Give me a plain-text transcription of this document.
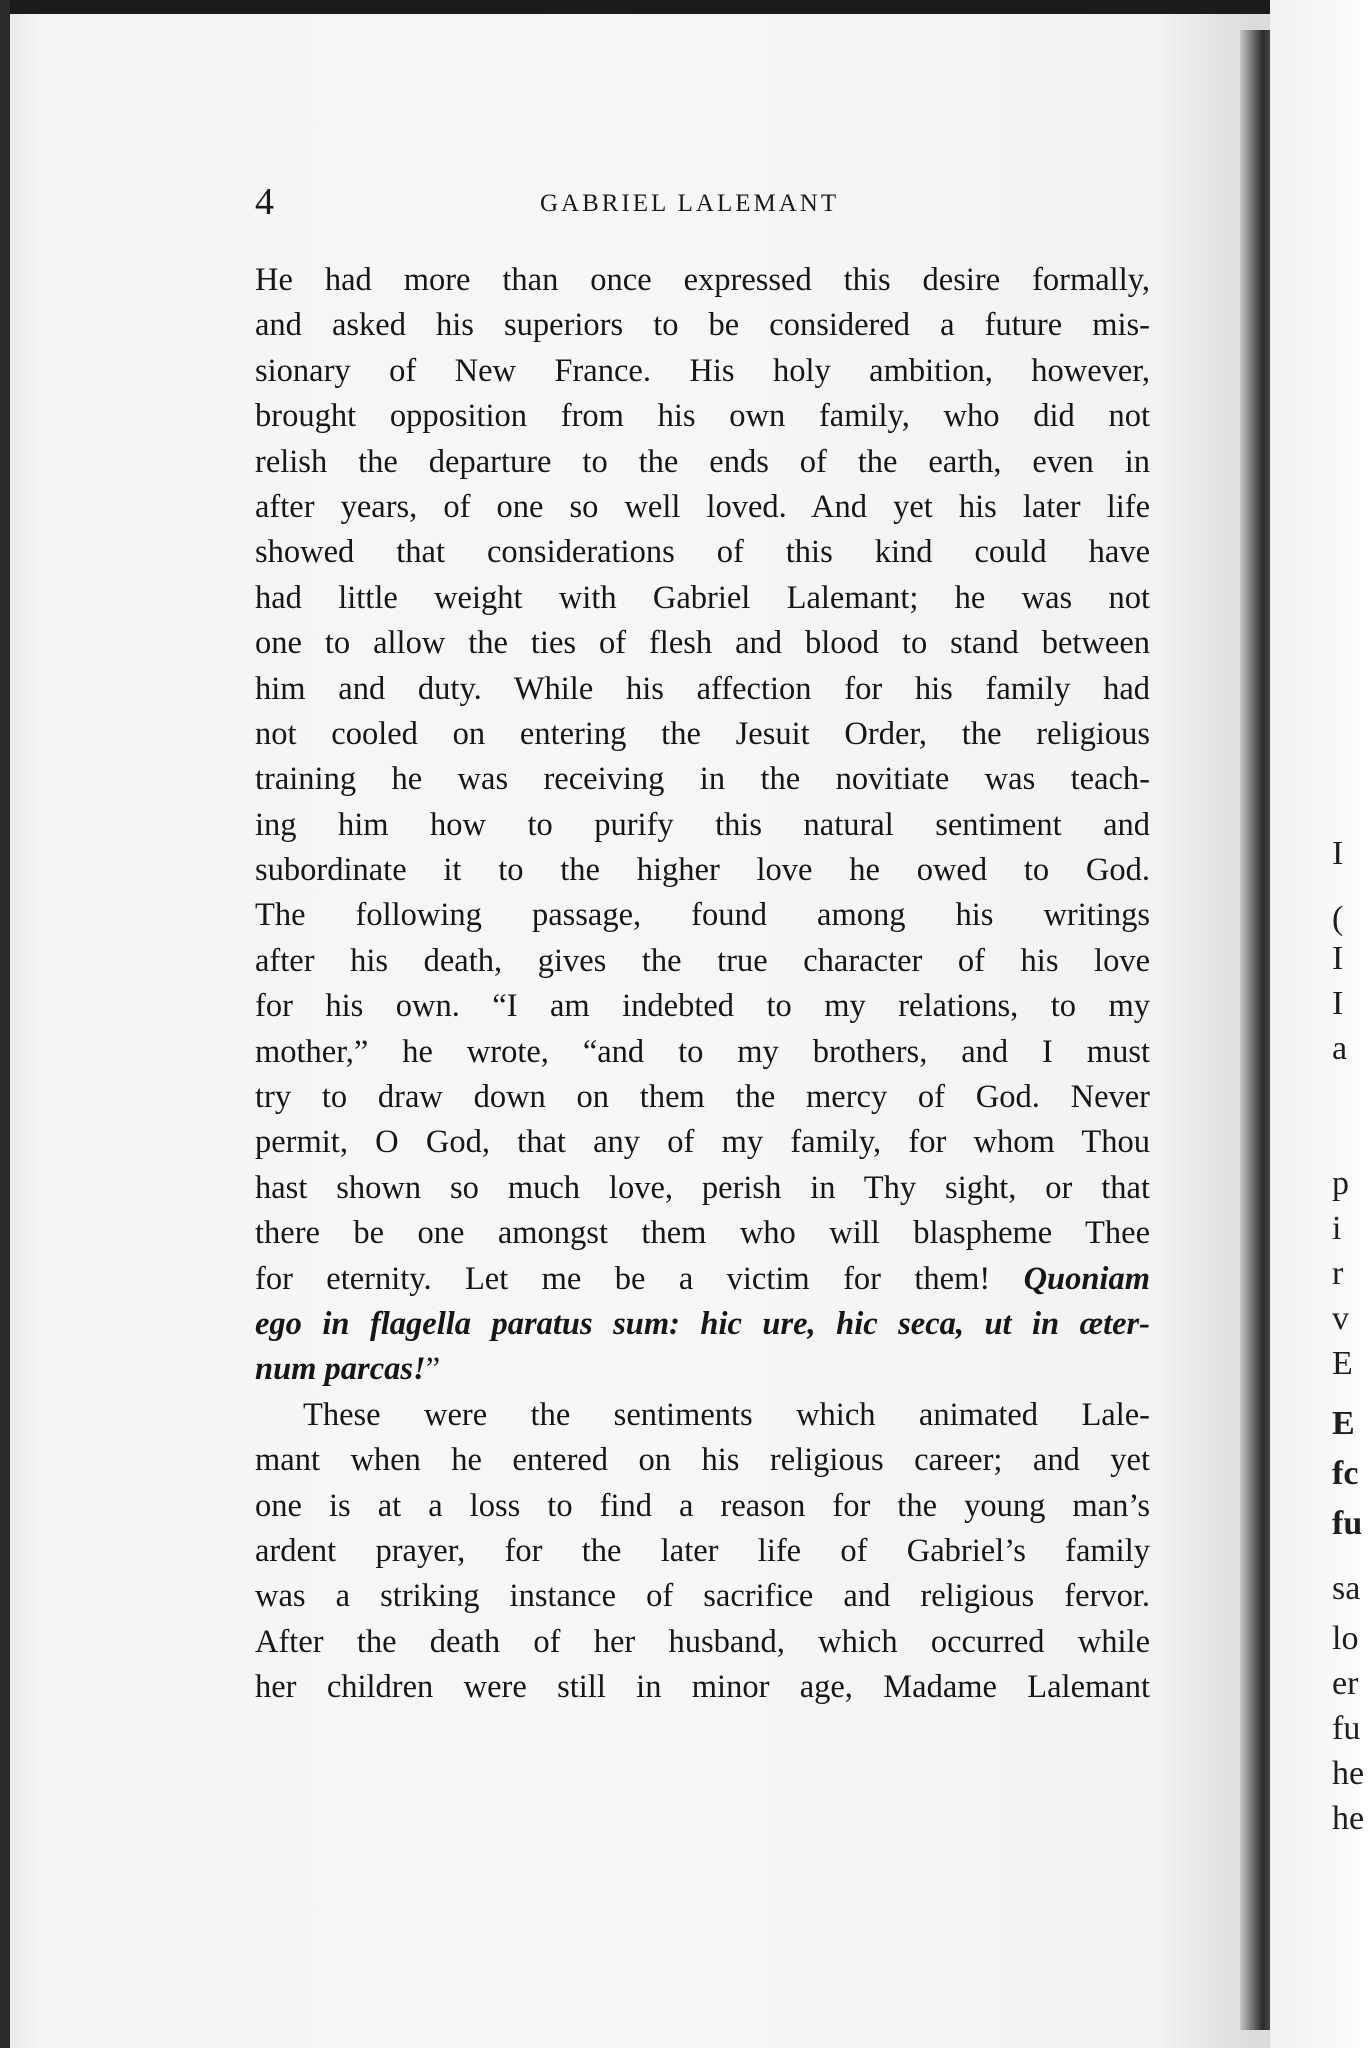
4	GABRIEL LALEMANT
He had more than once expressed this desire formally,
and asked his superiors to be considered a future mis-
sionary of New France. His holy ambition, however,
brought opposition from his own family, who did not
relish the departure to the ends of the earth, even in
after years, of one so well loved. And yet his later life
showed that considerations of this kind could have
had little weight with Gabriel Lalemant; he was not
one to allow the ties of flesh and blood to stand between
him and duty. While his affection for his family had
not cooled on entering the Jesuit Order, the religious
training he was receiving in the novitiate was teach-
ing him how to purify this natural sentiment and
subordinate it to the higher love he owed to God.
The following passage, found among his writings
after his death, gives the true character of his love
for his own. “I am indebted to my relations, to my
mother,” he wrote, “and to my brothers, and I must
try to draw down on them the mercy of God. Never
permit, O God, that any of my family, for whom Thou
hast shown so much love, perish in Thy sight, or that
there be one amongst them who will blaspheme Thee
for eternity. Let me be a victim for them! Quoniam
ego in flagella paratus sum: hic ure, hic seca, ut in æter-
num parcas!”
These were the sentiments which animated Lale-
mant when he entered on his religious career; and yet
one is at a loss to find a reason for the young man’s
ardent prayer, for the later life of Gabriel’s family
was a striking instance of sacrifice and religious fervor.
After the death of her husband, which occurred while
her children were still in minor age, Madame Lalemant
I
(
I
I
a
p
i
r
v
E
E
fc
fu
sa
lo
er
fu
he
he
